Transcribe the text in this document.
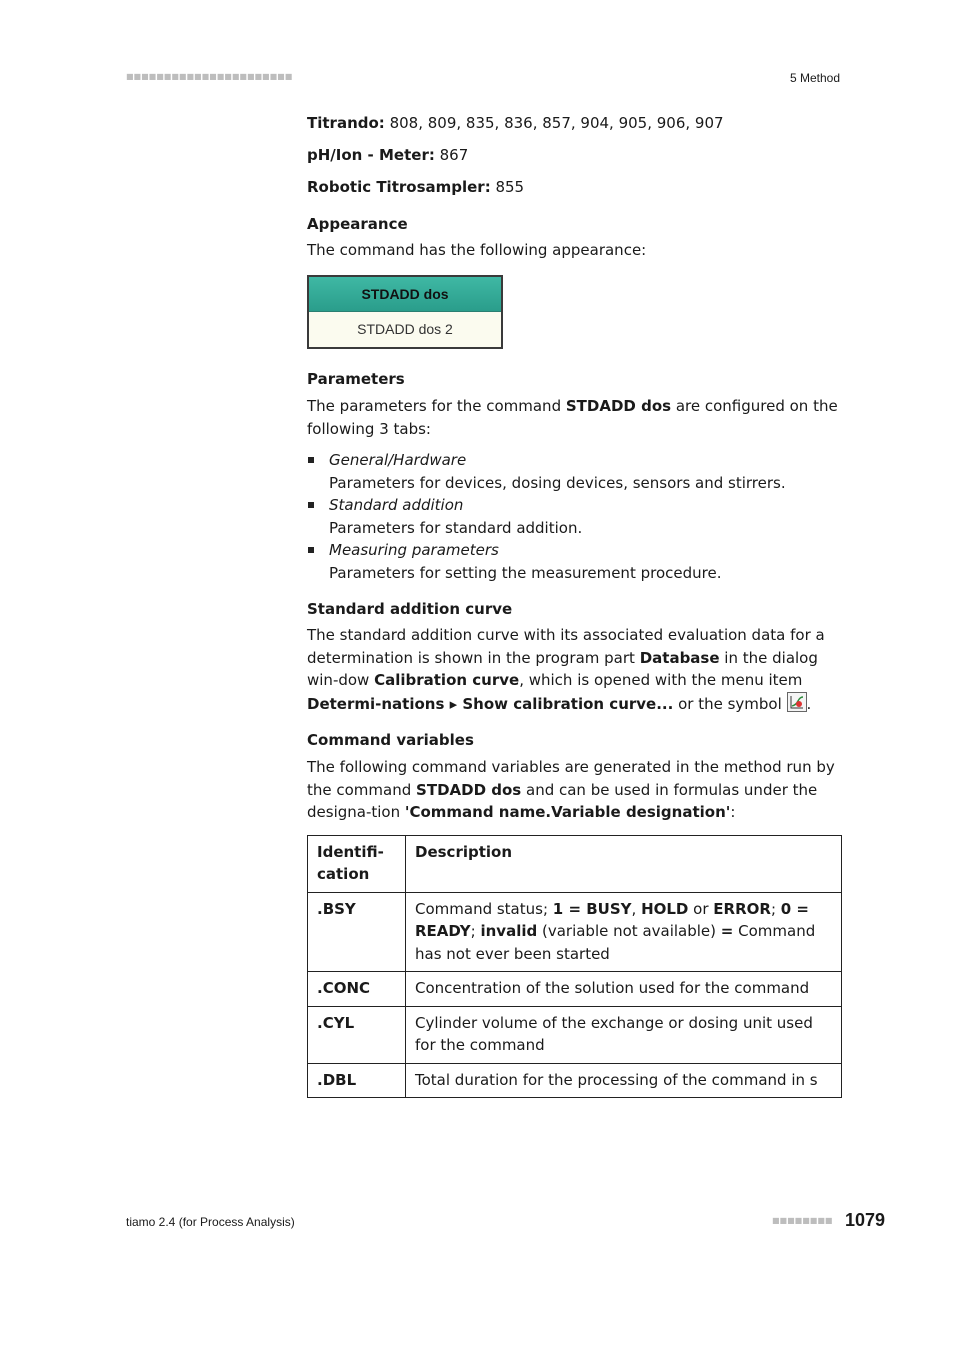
■■■■■■■■■■■■■■■■■■■■■■	5 Method

Titrando: 808, 809, 835, 836, 857, 904, 905, 906, 907

pH/Ion - Meter: 867

Robotic Titrosampler: 855

Appearance

The command has the following appearance:

STDADD dos
STDADD dos 2
Parameters

The parameters for the command STDADD dos are configured on the following 3 tabs:

General/Hardware
Parameters for devices, dosing devices, sensors and stirrers.
Standard addition
Parameters for standard addition.
Measuring parameters
Parameters for setting the measurement procedure.
Standard addition curve

The standard addition curve with its associated evaluation data for a determination is shown in the program part Database in the dialog win-dow Calibration curve, which is opened with the menu item Determi-nations ▸ Show calibration curve... or the symbol
.

Command variables

The following command variables are generated in the method run by the command STDADD dos and can be used in formulas under the designa-tion 'Command name.Variable designation':

Identifi-cation	Description
.BSY	Command status; 1 = BUSY, HOLD or ERROR; 0 = READY; invalid (variable not available) = Command has not ever been started
.CONC	Concentration of the solution used for the command
.CYL	Cylinder volume of the exchange or dosing unit used for the command
.DBL	Total duration for the processing of the command in s
tiamo 2.4 (for Process Analysis)	■■■■■■■■ 1079
